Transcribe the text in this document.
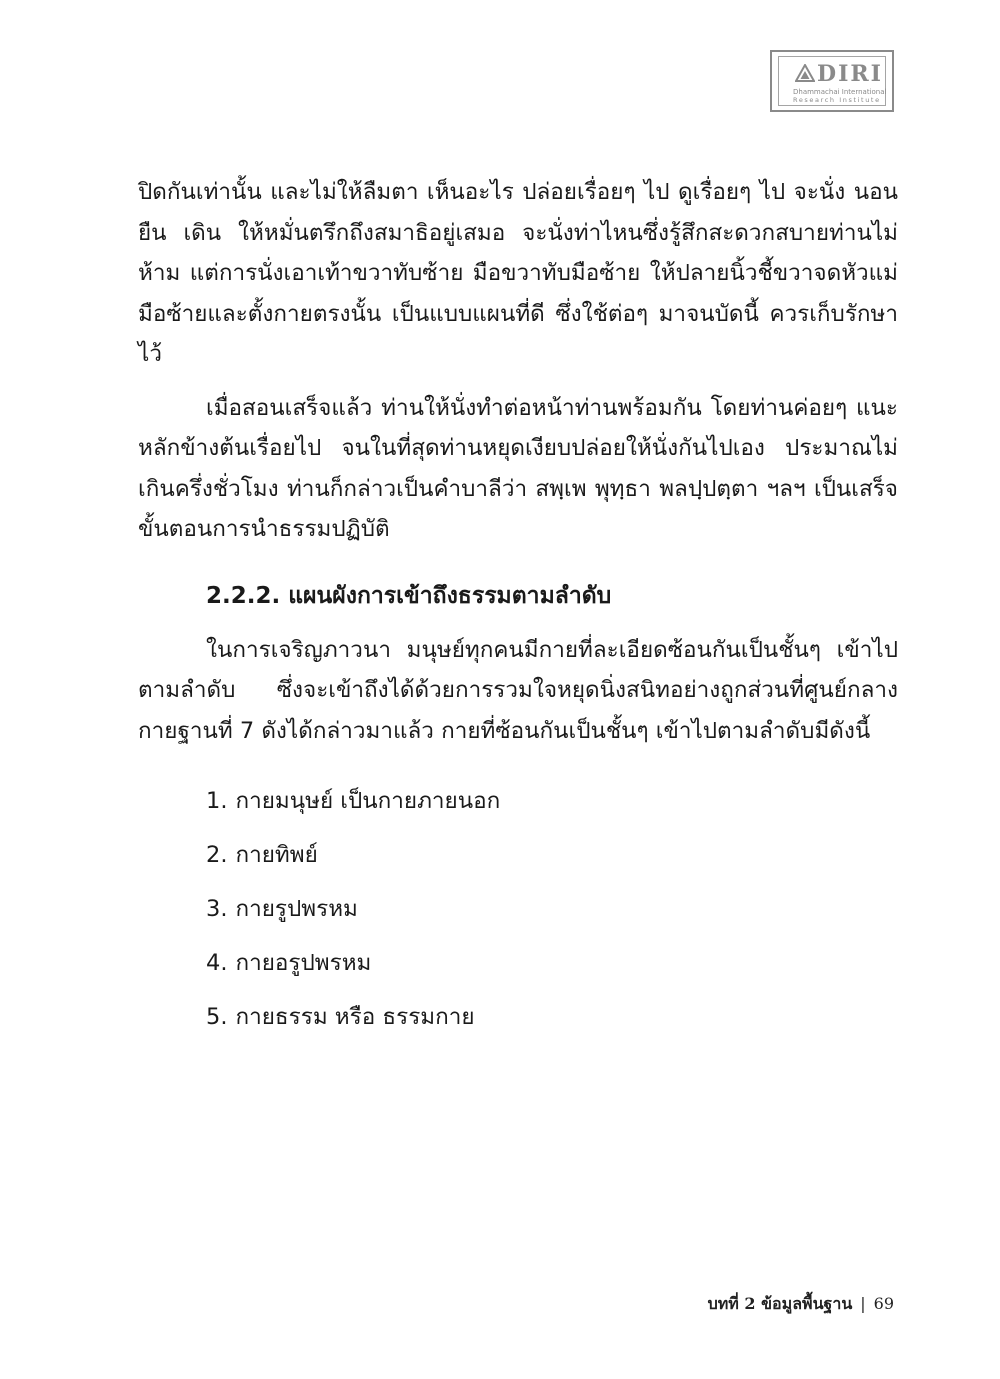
DIRI
Dhammachai International
Research Institute

ปิดกันเท่านั้น และไม่ให้ลืมตา เห็นอะไร ปล่อยเรื่อยๆ ไป ดูเรื่อยๆ ไป จะนั่ง นอน ยืน เดิน ให้หมั่นตรึกถึงสมาธิอยู่เสมอ จะนั่งท่าไหนซึ่งรู้สึกสะดวกสบายท่านไม่ห้าม แต่การนั่งเอาเท้าขวาทับซ้าย มือขวาทับมือซ้าย ให้ปลายนิ้วชี้ขวาจดหัวแม่มือซ้ายและตั้งกายตรงนั้น เป็นแบบแผนที่ดี ซึ่งใช้ต่อๆ มาจนบัดนี้ ควรเก็บรักษาไว้

เมื่อสอนเสร็จแล้ว ท่านให้นั่งทำต่อหน้าท่านพร้อมกัน โดยท่านค่อยๆ แนะหลักข้างต้นเรื่อยไป จนในที่สุดท่านหยุดเงียบปล่อยให้นั่งกันไปเอง ประมาณไม่เกินครึ่งชั่วโมง ท่านก็กล่าวเป็นคำบาลีว่า สพฺเพ พุทฺธา พลปฺปตฺตา ฯลฯ เป็นเสร็จขั้นตอนการนำธรรมปฏิบัติ

2.2.2. แผนผังการเข้าถึงธรรมตามลำดับ

ในการเจริญภาวนา มนุษย์ทุกคนมีกายที่ละเอียดซ้อนกันเป็นชั้นๆ เข้าไปตามลำดับ ซึ่งจะเข้าถึงได้ด้วยการรวมใจหยุดนิ่งสนิทอย่างถูกส่วนที่ศูนย์กลางกายฐานที่ 7 ดังได้กล่าวมาแล้ว กายที่ซ้อนกันเป็นชั้นๆ เข้าไปตามลำดับมีดังนี้

1. กายมนุษย์ เป็นกายภายนอก
2. กายทิพย์
3. กายรูปพรหม
4. กายอรูปพรหม
5. กายธรรม หรือ ธรรมกาย
บทที่ 2 ข้อมูลพื้นฐาน | 69
